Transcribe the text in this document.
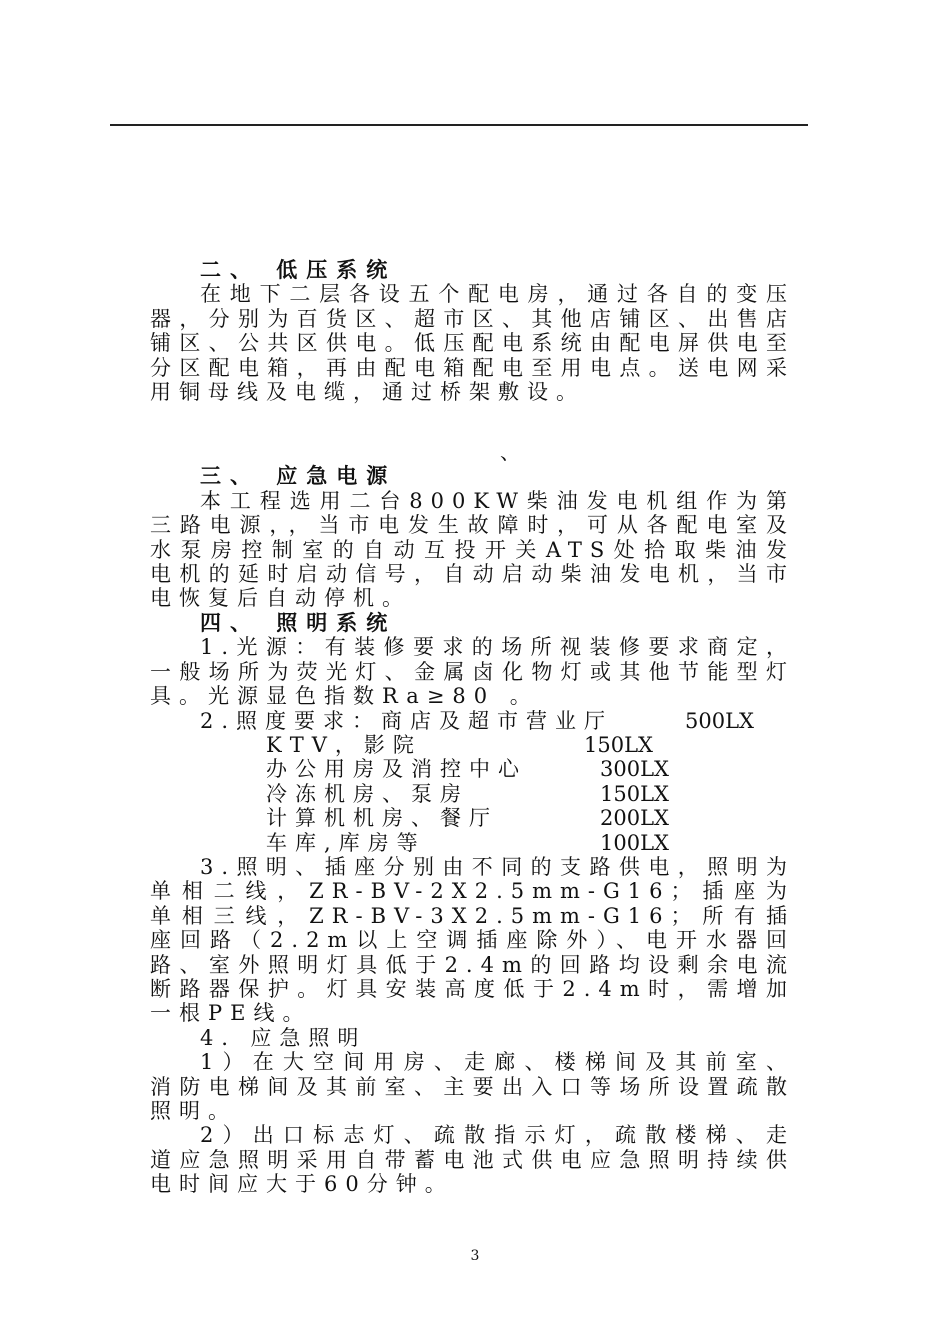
、
二、 低压系统
在地下二层各设五个配电房，通过各自的变压器，分别为百货区、超市区、其他店铺区、出售店铺区、公共区供电。低压配电系统由配电屏供电至分区配电箱，再由配电箱配电至用电点。送电网采用铜母线及电缆，通过桥架敷设。
三、 应急电源
本工程选用二台800KW柴油发电机组作为第三路电源，，当市电发生故障时，可从各配电室及水泵房控制室的自动互投开关ATS处拾取柴油发电机的延时启动信号，自动启动柴油发电机，当市电恢复后自动停机。
四、 照明系统
1.光源：有装修要求的场所视装修要求商定，一般场所为荧光灯、金属卤化物灯或其他节能型灯具。光源显色指数Ra≥80 。
2.照度要求：商店及超市营业厅	500LX
KTV，影院	150LX
办公用房及消控中心	300LX
冷冻机房、泵房	150LX
计算机机房、餐厅	200LX
车库,库房等	100LX
3.照明、插座分别由不同的支路供电，照明为单相二线，ZR-BV-2X2.5mm-G16；插座为单相三线，ZR-BV-3X2.5mm-G16；所有插座回路（2.2m以上空调插座除外）、电开水器回路、室外照明灯具低于2.4m的回路均设剩余电流断路器保护。灯具安装高度低于2.4m时，需增加一根PE线。
4．应急照明
1）在大空间用房、走廊、楼梯间及其前室、消防电梯间及其前室、主要出入口等场所设置疏散照明。
2）出口标志灯、疏散指示灯，疏散楼梯、走道应急照明采用自带蓄电池式供电应急照明持续供电时间应大于60分钟。
3
